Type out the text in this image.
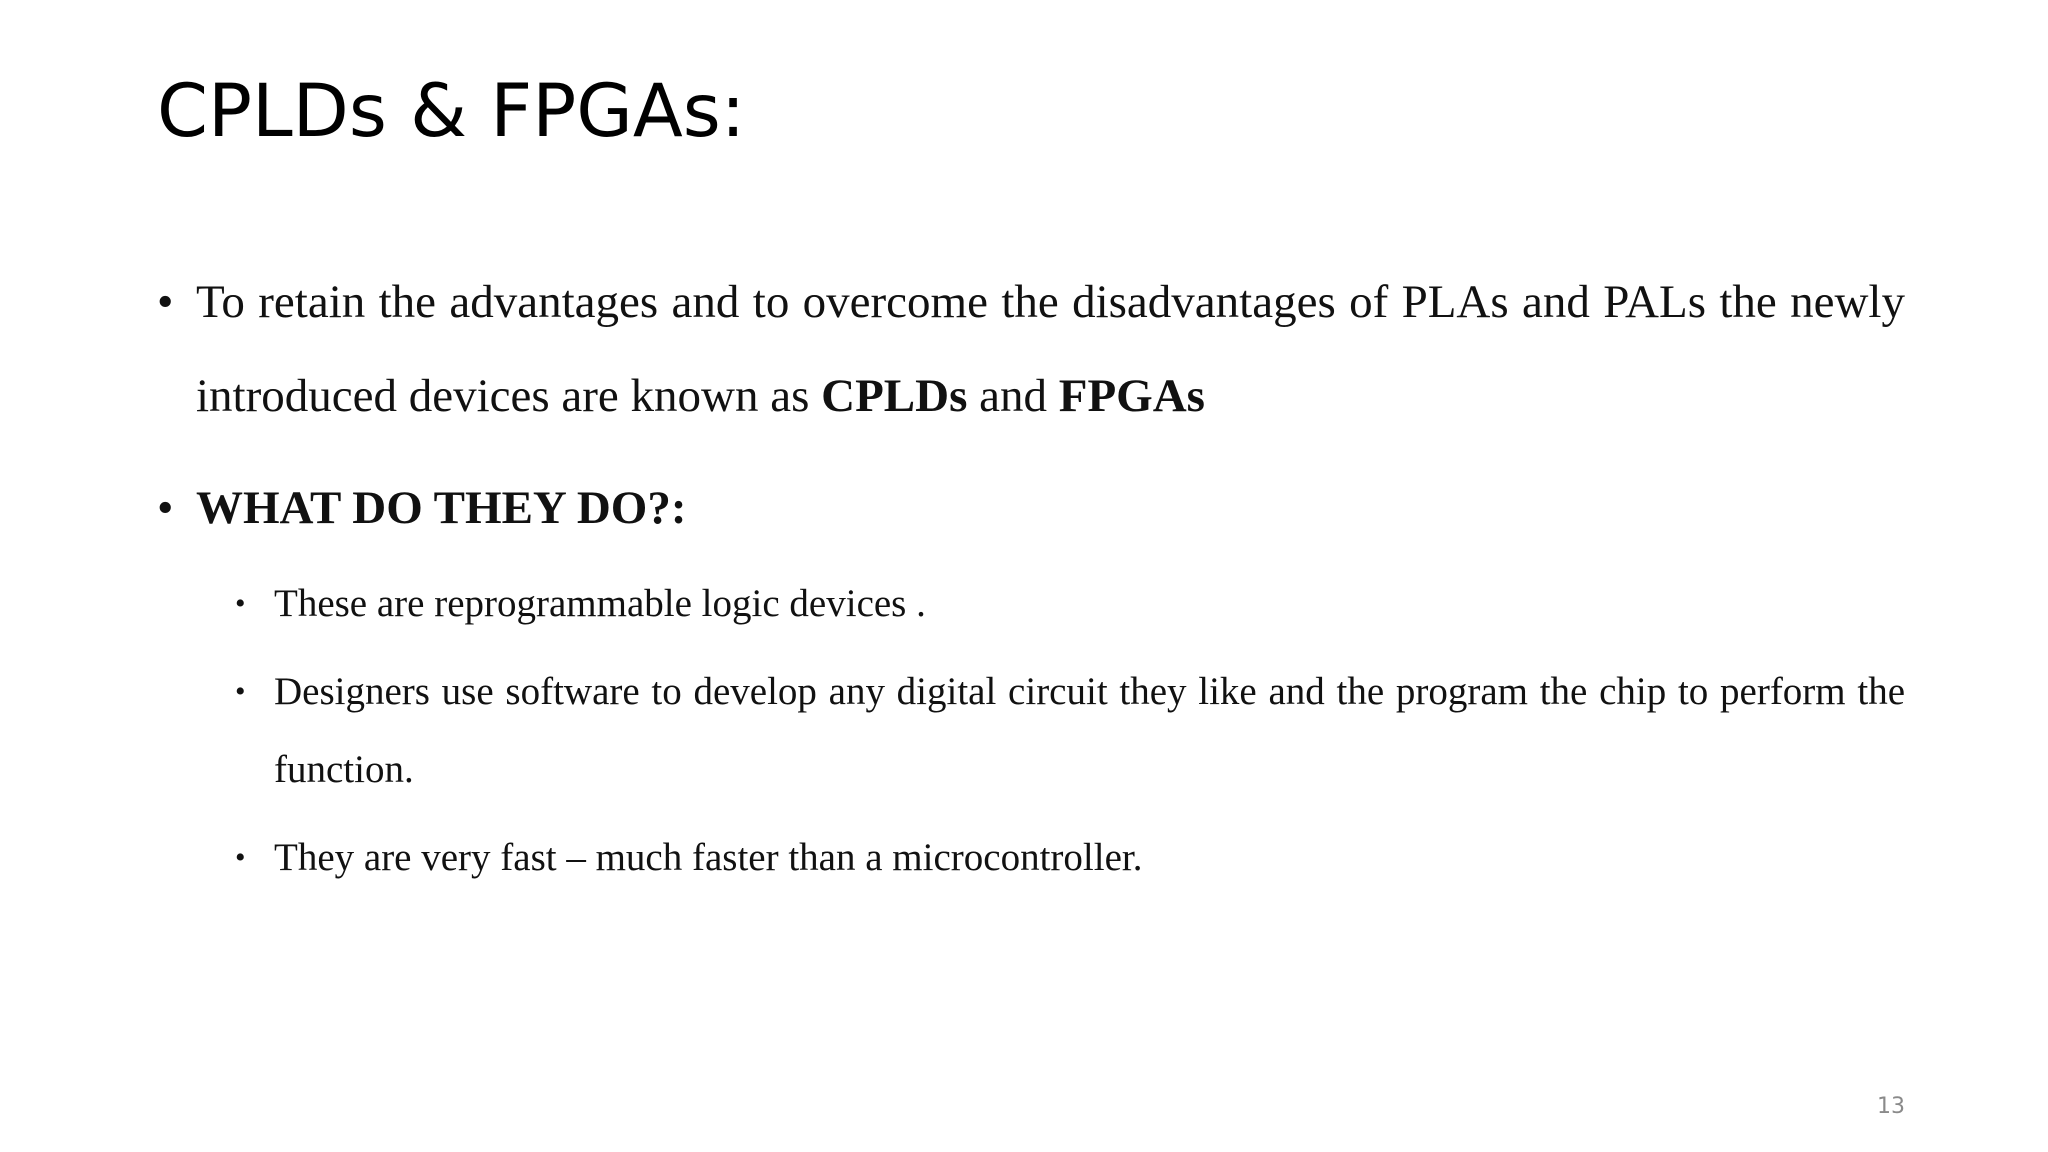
CPLDs & FPGAs:
• To retain the advantages and to overcome the disadvantages of PLAs and PALs the newly introduced devices are known as CPLDs and FPGAs
• WHAT DO THEY DO?:
• These are reprogrammable logic devices .
• Designers use software to develop any digital circuit they like and the program the chip to perform the function.
• They are very fast – much faster than a microcontroller.
13
